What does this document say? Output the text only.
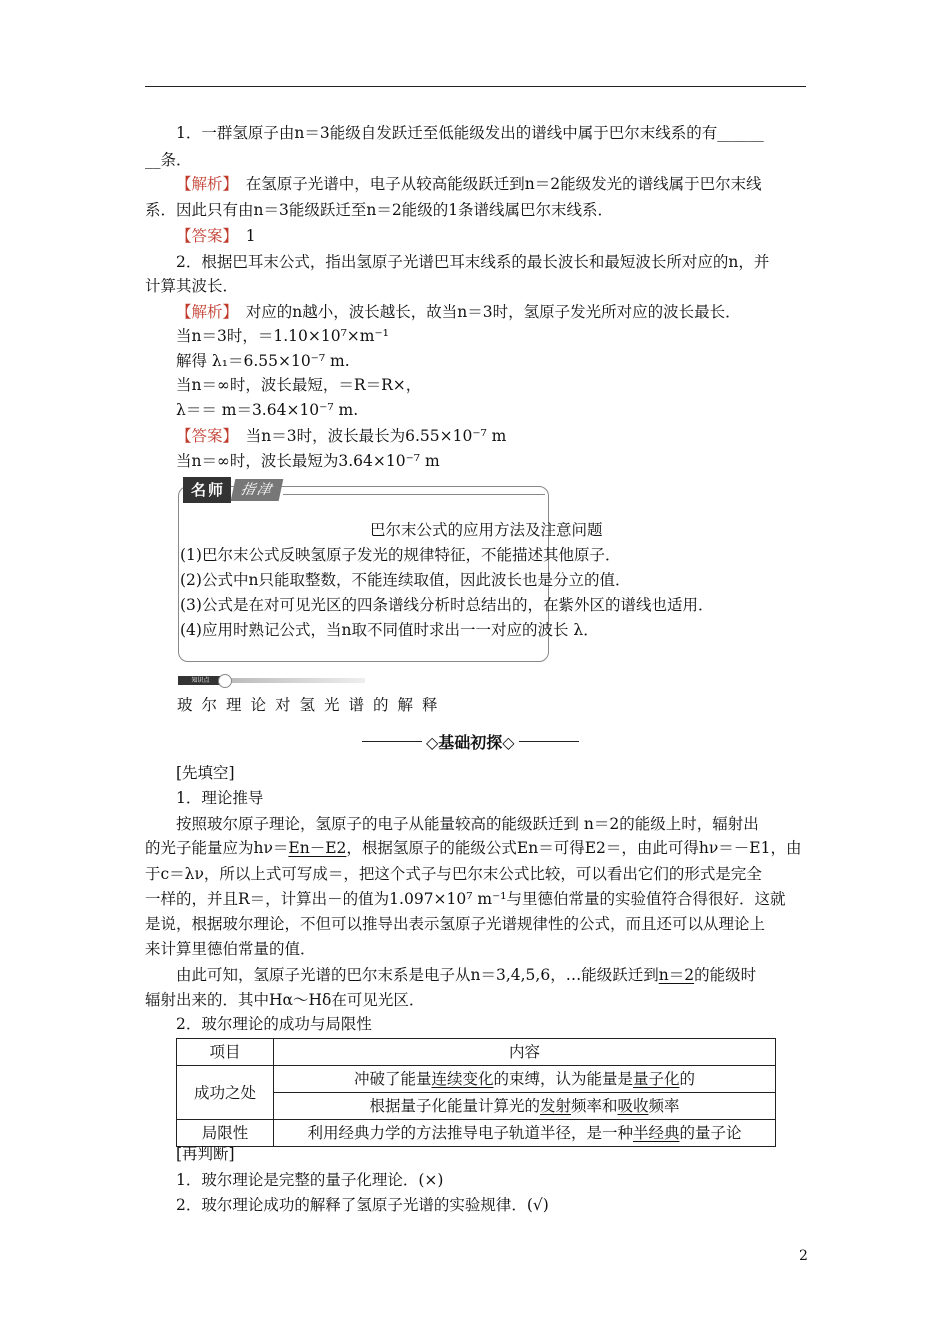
1．一群氢原子由n＝3能级自发跃迁至低能级发出的谱线中属于巴尔末线系的有______
__条．
【解析】　在氢原子光谱中，电子从较高能级跃迁到n＝2能级发光的谱线属于巴尔末线
系．因此只有由n＝3能级跃迁至n＝2能级的1条谱线属巴尔末线系．
【答案】　1
2．根据巴耳末公式，指出氢原子光谱巴耳末线系的最长波长和最短波长所对应的n，并
计算其波长．
【解析】　对应的n越小，波长越长，故当n＝3时，氢原子发光所对应的波长最长．
当n＝3时，＝1.10×10⁷×m⁻¹
解得 λ₁＝6.55×10⁻⁷ m.
当n＝∞时，波长最短，＝R＝R×，
λ＝＝ m＝3.64×10⁻⁷ m.
【答案】　当n＝3时，波长最长为6.55×10⁻⁷ m
当n＝∞时，波长最短为3.64×10⁻⁷ m
名师	指津
巴尔末公式的应用方法及注意问题
(1)巴尔末公式反映氢原子发光的规律特征，不能描述其他原子．
(2)公式中n只能取整数，不能连续取值，因此波长也是分立的值．
(3)公式是在对可见光区的四条谱线分析时总结出的，在紫外区的谱线也适用．
(4)应用时熟记公式，当n取不同值时求出一一对应的波长 λ．
知识点
玻尔理论对氢光谱的解释
◇基础初探◇
[先填空]
1．理论推导
按照玻尔原子理论，氢原子的电子从能量较高的能级跃迁到 n＝2的能级上时，辐射出
的光子能量应为hν＝En－E2，根据氢原子的能级公式En＝可得E2＝，由此可得hν＝－E1，由
于c＝λν，所以上式可写成＝，把这个式子与巴尔末公式比较，可以看出它们的形式是完全
一样的，并且R＝，计算出－的值为1.097×10⁷ m⁻¹与里德伯常量的实验值符合得很好．这就
是说，根据玻尔理论，不但可以推导出表示氢原子光谱规律性的公式，而且还可以从理论上
来计算里德伯常量的值．
由此可知，氢原子光谱的巴尔末系是电子从n＝3,4,5,6，…能级跃迁到n＝2的能级时
辐射出来的．其中Hα～Hδ在可见光区．
2．玻尔理论的成功与局限性
项目	内容
成功之处	冲破了能量连续变化的束缚，认为能量是量子化的
	根据量子化能量计算光的发射频率和吸收频率
局限性	利用经典力学的方法推导电子轨道半径，是一种半经典的量子论
[再判断]
1．玻尔理论是完整的量子化理论．(×)
2．玻尔理论成功的解释了氢原子光谱的实验规律．(√)
2
